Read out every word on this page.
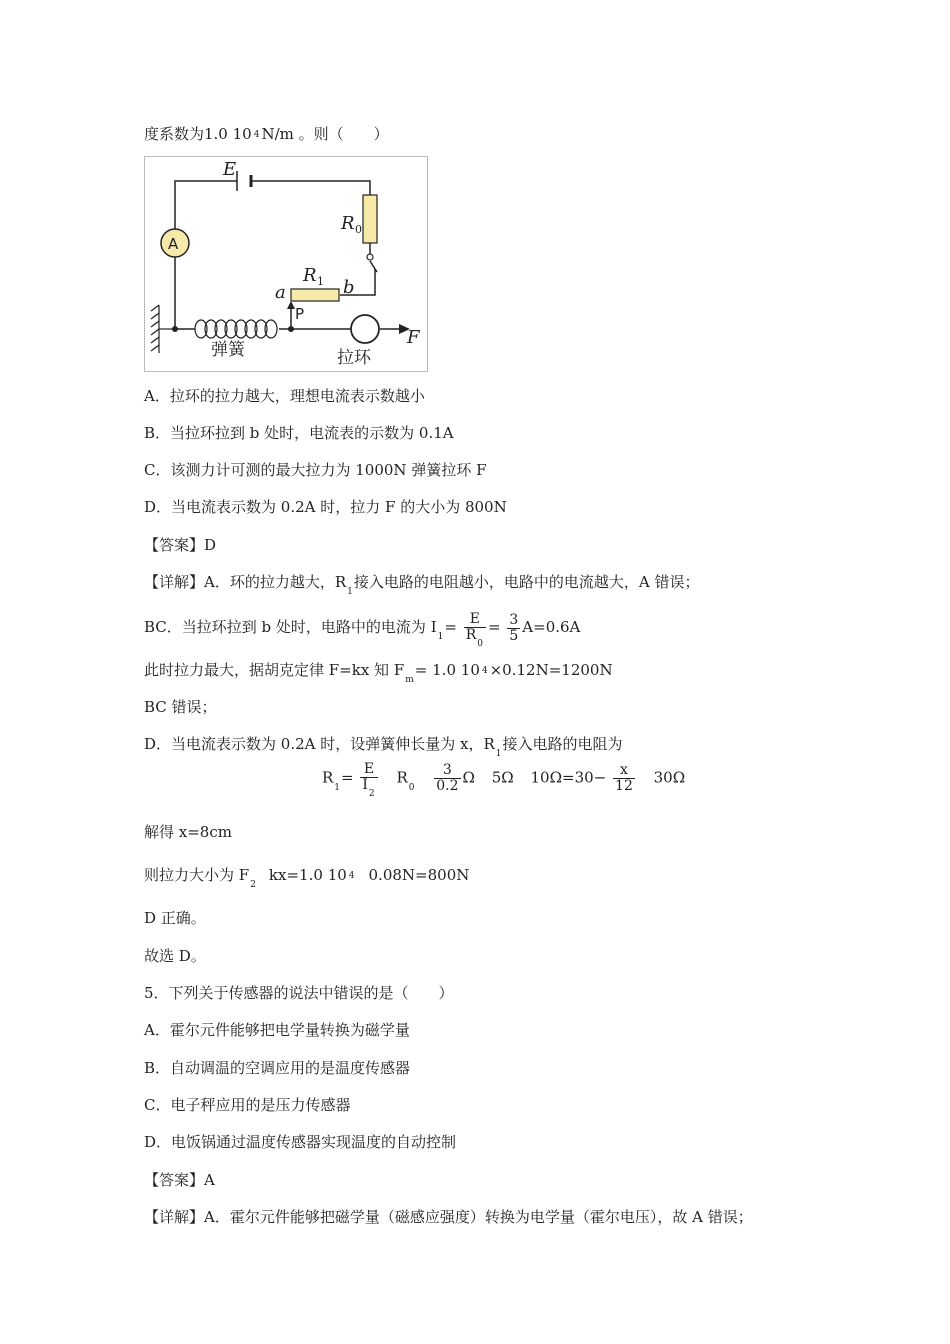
度系数为1.0 10 4 N/m 。则（　　）
E
R 0
R 1
a	b
F
A
P
弹簧	拉环
A．拉环的拉力越大，理想电流表示数越小
B．当拉环拉到 b 处时，电流表的示数为 0.1A
C．该测力计可测的最大拉力为 1000N 弹簧拉环 F
D．当电流表示数为 0.2A 时，拉力 F 的大小为 800N
【答案】D
【详解】A．环的拉力越大，$R_1$接入电路的电阻越小，电路中的电流越大，A 错误；
BC．当拉环拉到 b 处时，电路中的电流为 $I_1= \frac{E}{R_0} = \frac{3}{5} A=0.6A$
此时拉力最大，据胡克定律 F=kx 知 $F_m= 1.0$ 10 4 ×0.12N=1200N
BC 错误；
D．当电流表示数为 0.2A 时，设弹簧伸长量为 x，$R_1$接入电路的电阻为
$R_1= \frac{E}{I_2} R_0 \frac{3}{0.2}$ Ω 5Ω $10\Omega=30- \frac{x}{12} 30\Omega$
解得 x=8cm
则拉力大小为 $F_2kx=1.0$ 10 4 0.08N=800N
D 正确。
故选 D。
5．下列关于传感器的说法中错误的是（　　）
A．霍尔元件能够把电学量转换为磁学量
B．自动调温的空调应用的是温度传感器
C．电子秤应用的是压力传感器
D．电饭锅通过温度传感器实现温度的自动控制
【答案】A
【详解】A．霍尔元件能够把磁学量（磁感应强度）转换为电学量（霍尔电压），故 A 错误；
